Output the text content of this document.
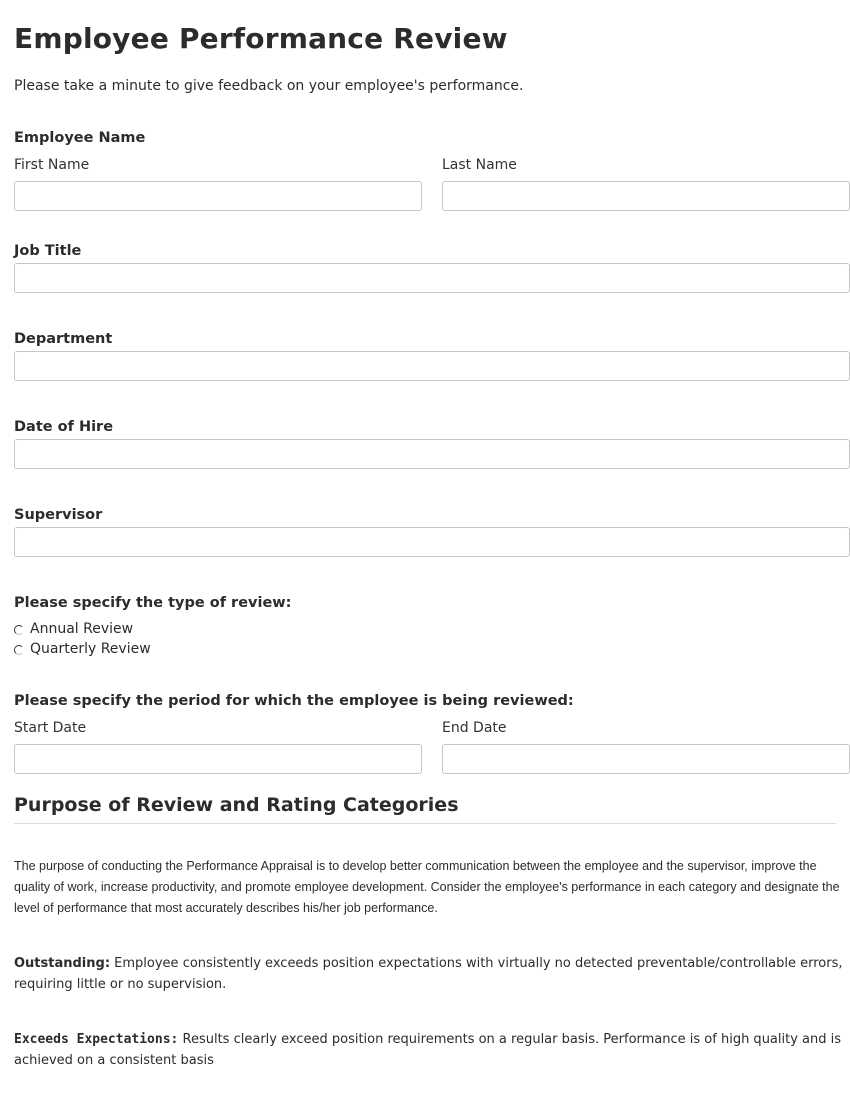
Employee Performance Review
Please take a minute to give feedback on your employee's performance.
Employee Name
First Name	Last Name
Job Title
Department
Date of Hire
Supervisor
Please specify the type of review:
Annual Review
Quarterly Review
Please specify the period for which the employee is being reviewed:
Start Date	End Date
Purpose of Review and Rating Categories
The purpose of conducting the Performance Appraisal is to develop better communication between the employee and the supervisor, improve the quality of work, increase productivity, and promote employee development. Consider the employee's performance in each category and designate the level of performance that most accurately describes his/her job performance.
Outstanding: Employee consistently exceeds position expectations with virtually no detected preventable/controllable errors, requiring little or no supervision.
Exceeds Expectations: Results clearly exceed position requirements on a regular basis. Performance is of high quality and is achieved on a consistent basis
